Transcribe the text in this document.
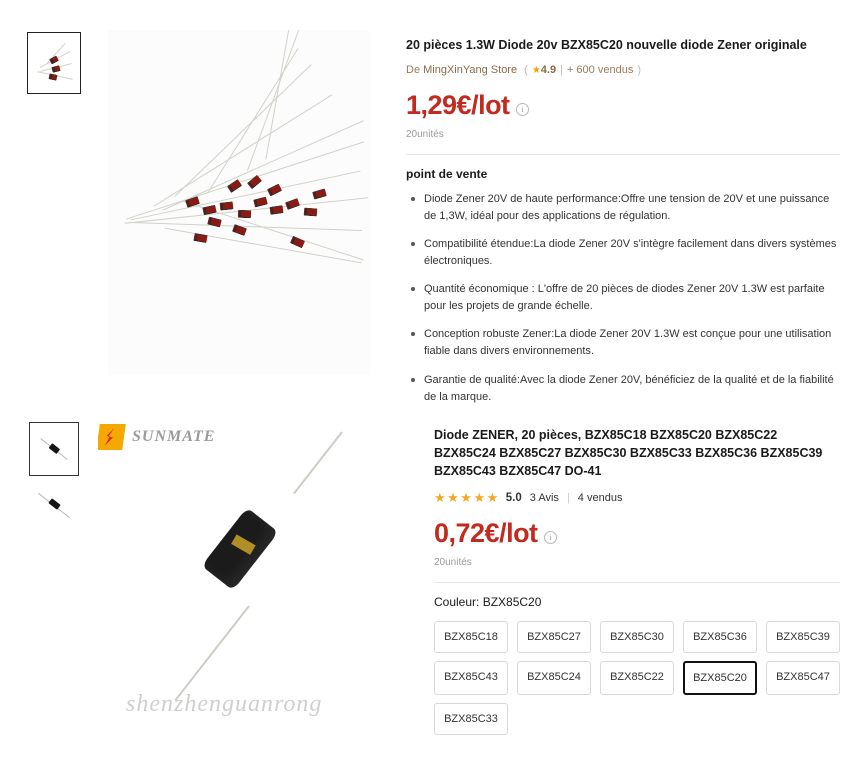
20 pièces 1.3W Diode 20v BZX85C20 nouvelle diode Zener originale
De MingXinYang Store ( ★4.9 | + 600 vendus )
1,29€/lot	i
20unités
point de vente
Diode Zener 20V de haute performance:Offre une tension de 20V et une puissance de 1,3W, idéal pour des applications de régulation.
Compatibilité étendue:La diode Zener 20V s'intègre facilement dans divers systèmes électroniques.
Quantité économique : L'offre de 20 pièces de diodes Zener 20V 1.3W est parfaite pour les projets de grande échelle.
Conception robuste Zener:La diode Zener 20V 1.3W est conçue pour une utilisation fiable dans divers environnements.
Garantie de qualité:Avec la diode Zener 20V, bénéficiez de la qualité et de la fiabilité de la marque.
SUNMATE
shenzhenguanrong
Diode ZENER, 20 pièces, BZX85C18 BZX85C20 BZX85C22 BZX85C24 BZX85C27 BZX85C30 BZX85C33 BZX85C36 BZX85C39 BZX85C43 BZX85C47 DO-41
★★★★★ 5.0 3 Avis | 4 vendus
0,72€/lot	i
20unités
Couleur: BZX85C20
BZX85C18	BZX85C27	BZX85C30	BZX85C36	BZX85C39
BZX85C43	BZX85C24	BZX85C22	BZX85C20	BZX85C47
BZX85C33
